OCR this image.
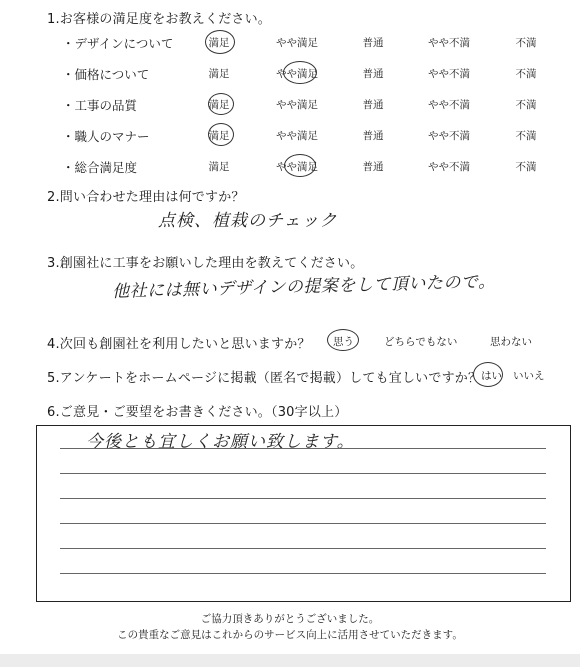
1.お客様の満足度をお教えください。
・デザインについて	満足	やや満足	普通	やや不満	不満
・価格について	満足	やや満足	普通	やや不満	不満
・工事の品質	満足	やや満足	普通	やや不満	不満
・職人のマナー	満足	やや満足	普通	やや不満	不満
・総合満足度	満足	やや満足	普通	やや不満	不満
2.問い合わせた理由は何ですか？
点検、植栽のチェック
3.創園社に工事をお願いした理由を教えてください。
他社には無いデザインの提案をして頂いたので。
4.次回も創園社を利用したいと思いますか？ 思う	どちらでもない	思わない
5.アンケートをホームページに掲載（匿名で掲載）しても宜しいですか？ はい いいえ
6.ご意見・ご要望をお書きください。（30字以上）
今後とも宜しくお願い致します。
ご協力頂きありがとうございました。
この貴重なご意見はこれからのサービス向上に活用させていただきます。
